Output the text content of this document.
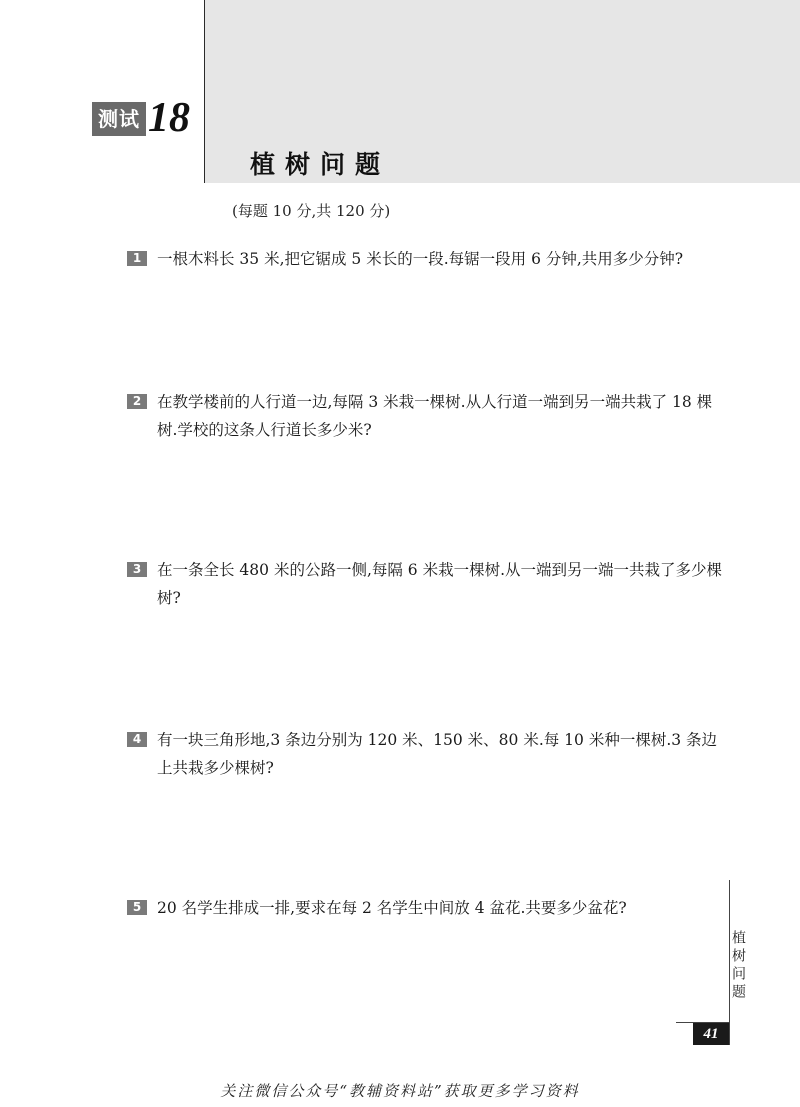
测试 18
植树问题
(每题 10 分,共 120 分)
1	一根木料长 35 米,把它锯成 5 米长的一段.每锯一段用 6 分钟,共用多少分钟?
2	在教学楼前的人行道一边,每隔 3 米栽一棵树.从人行道一端到另一端共栽了 18 棵树.学校的这条人行道长多少米?
3	在一条全长 480 米的公路一侧,每隔 6 米栽一棵树.从一端到另一端一共栽了多少棵树?
4	有一块三角形地,3 条边分别为 120 米、150 米、80 米.每 10 米种一棵树.3 条边上共栽多少棵树?
5	20 名学生排成一排,要求在每 2 名学生中间放 4 盆花.共要多少盆花?
植树问题
41
关注微信公众号“教辅资料站”获取更多学习资料
